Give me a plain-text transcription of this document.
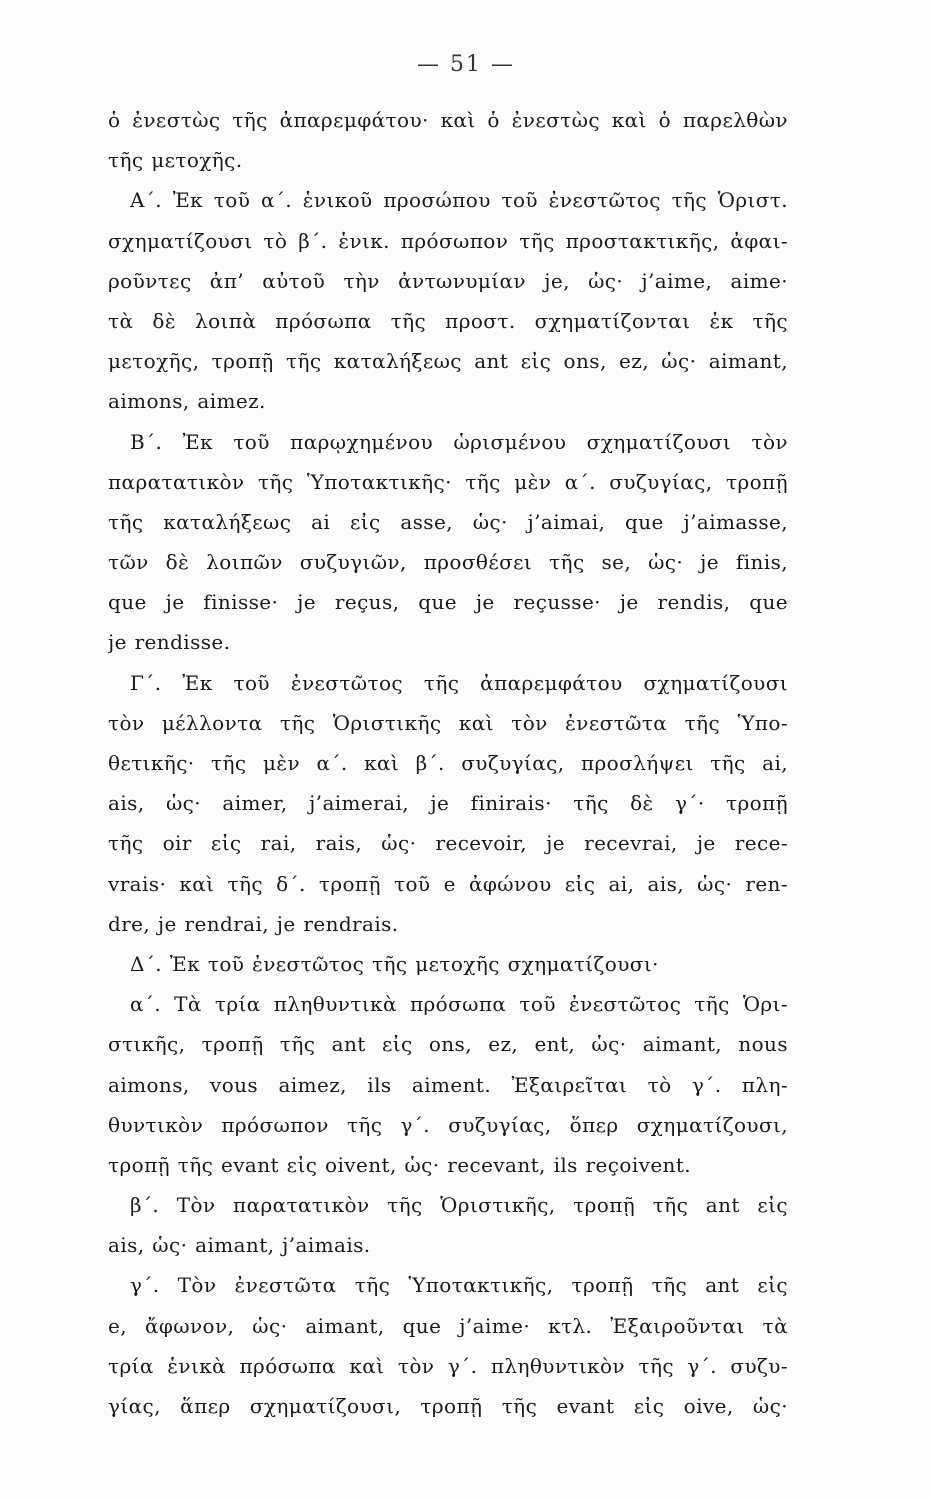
— 51 —
ὁ ἐνεστὼς τῆς ἀπαρεμφάτου· καὶ ὁ ἐνεστὼς καὶ ὁ παρελθὼν
τῆς μετοχῆς.
Α΄. Ἐκ τοῦ α΄. ἑνικοῦ προσώπου τοῦ ἐνεστῶτος τῆς Ὁριστ.
σχηματίζουσι τὸ β΄. ἑνικ. πρόσωπον τῆς προστακτικῆς, ἀφαι-
ροῦντες ἀπ’ αὐτοῦ τὴν ἀντωνυμίαν je, ὡς· j’aime, aime·
τὰ δὲ λοιπὰ πρόσωπα τῆς προστ. σχηματίζονται ἐκ τῆς
μετοχῆς, τροπῇ τῆς καταλήξεως ant εἰς ons, ez, ὡς· aimant,
aimons, aimez.
Β΄. Ἐκ τοῦ παρῳχημένου ὡρισμένου σχηματίζουσι τὸν
παρατατικὸν τῆς Ὑποτακτικῆς· τῆς μὲν α΄. συζυγίας, τροπῇ
τῆς καταλήξεως ai εἰς asse, ὡς· j’aimai, que j’aimasse,
τῶν δὲ λοιπῶν συζυγιῶν, προσθέσει τῆς se, ὡς· je finis,
que je finisse· je reçus, que je reçusse· je rendis, que
je rendisse.
Γ΄. Ἐκ τοῦ ἐνεστῶτος τῆς ἀπαρεμφάτου σχηματίζουσι
τὸν μέλλοντα τῆς Ὁριστικῆς καὶ τὸν ἐνεστῶτα τῆς Ὑπο-
θετικῆς· τῆς μὲν α΄. καὶ β΄. συζυγίας, προσλήψει τῆς ai,
ais, ὡς· aimer, j’aimerai, je finirais· τῆς δὲ γ΄· τροπῇ
τῆς oir εἰς rai, rais, ὡς· recevoir, je recevrai, je rece-
vrais· καὶ τῆς δ΄. τροπῇ τοῦ e ἀφώνου εἰς ai, ais, ὡς· ren-
dre, je rendrai, je rendrais.
Δ΄. Ἐκ τοῦ ἐνεστῶτος τῆς μετοχῆς σχηματίζουσι·
α΄. Τὰ τρία πληθυντικὰ πρόσωπα τοῦ ἐνεστῶτος τῆς Ὁρι-
στικῆς, τροπῇ τῆς ant εἰς ons, ez, ent, ὡς· aimant, nous
aimons, vous aimez, ils aiment. Ἐξαιρεῖται τὸ γ΄. πλη-
θυντικὸν πρόσωπον τῆς γ΄. συζυγίας, ὅπερ σχηματίζουσι,
τροπῇ τῆς evant εἰς oivent, ὡς· recevant, ils reçoivent.
β΄. Τὸν παρατατικὸν τῆς Ὁριστικῆς, τροπῇ τῆς ant εἰς
ais, ὡς· aimant, j’aimais.
γ΄. Τὸν ἐνεστῶτα τῆς Ὑποτακτικῆς, τροπῇ τῆς ant εἰς
e, ἄφωνον, ὡς· aimant, que j’aime· κτλ. Ἐξαιροῦνται τὰ
τρία ἑνικὰ πρόσωπα καὶ τὸν γ΄. πληθυντικὸν τῆς γ΄. συζυ-
γίας, ἅπερ σχηματίζουσι, τροπῇ τῆς evant εἰς oive, ὡς·
